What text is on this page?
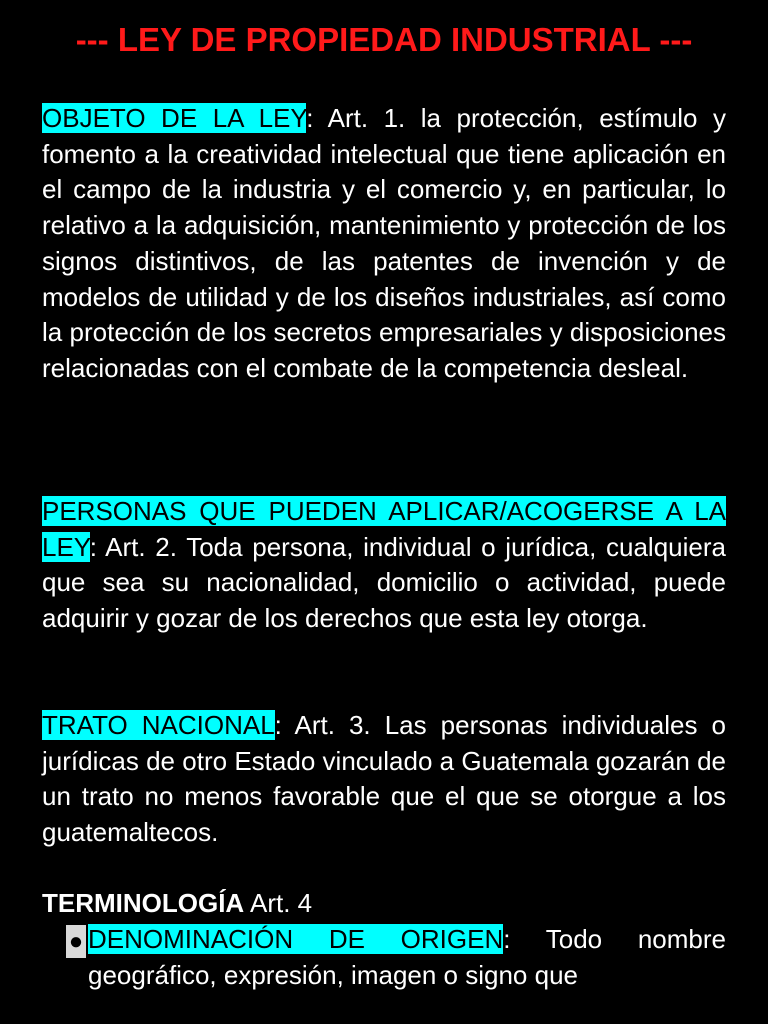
--- LEY DE PROPIEDAD INDUSTRIAL ---

OBJETO DE LA LEY: Art. 1. la protección, estímulo y fomento a la creatividad intelectual que tiene aplicación en el campo de la industria y el comercio y, en particular, lo relativo a la adquisición, mantenimiento y protección de los signos distintivos, de las patentes de invención y de modelos de utilidad y de los diseños industriales, así como la protección de los secretos empresariales y disposiciones relacionadas con el combate de la competencia desleal.

PERSONAS QUE PUEDEN APLICAR/ACOGERSE A LA LEY: Art. 2. Toda persona, individual o jurídica, cualquiera que sea su nacionalidad, domicilio o actividad, puede adquirir y gozar de los derechos que esta ley otorga.

TRATO NACIONAL: Art. 3. Las personas individuales o jurídicas de otro Estado vinculado a Guatemala gozarán de un trato no menos favorable que el que se otorgue a los guatemaltecos.

TERMINOLOGÍA Art. 4

● DENOMINACIÓN DE ORIGEN: Todo nombre geográfico, expresión, imagen o signo que
